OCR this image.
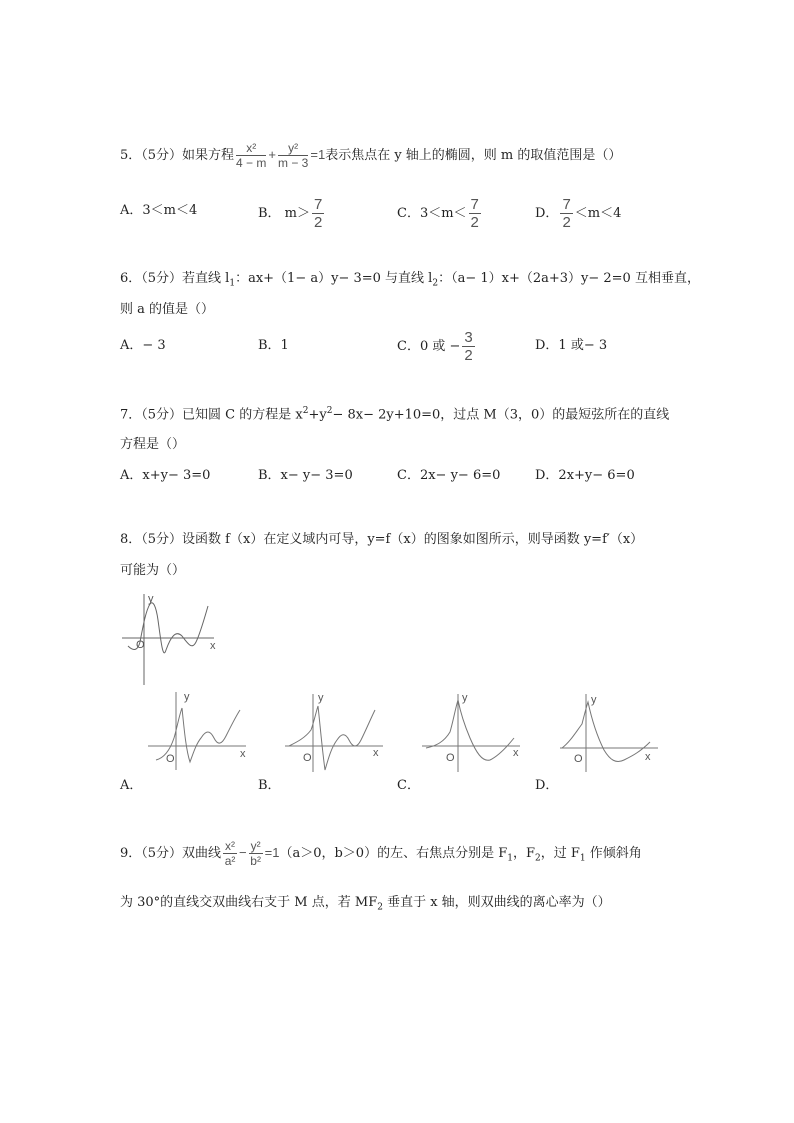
5．（5分）如果方程 $\frac{\text{x²}}{4 - m} + \frac{\text{y²}}{m - 3} =1$表示焦点在 y 轴上的椭圆，则 m 的取值范围是（）
A．3＜m＜4	B． $m> \frac{7}{2}$	C．$3<m< \frac{7}{2}$	D． $\frac{7}{2} <m<4$
6．（5分）若直线 $l_1$：ax+（1− a）y− 3=0 与直线 $l_2$：（a− 1）x+（2a+3）y− 2=0 互相垂直，
则 a 的值是（）
A．− 3	B．1	C．0 或 − $\frac{3}{2}$	D．1 或− 3
7．（5分）已知圆 C 的方程是 $x^2+y^2- 8x- 2y+10=0$，过点 M（3，0）的最短弦所在的直线
方程是（）
A．x+y− 3=0	B．x− y− 3=0	C．2x− y− 6=0	D．2x+y− 6=0
8．（5分）设函数 f（x）在定义域内可导，y=f（x）的图象如图所示，则导函数 y=f′（x）
可能为（）
y
x
O
y
x
O
y
x
O
y
x
O
y
x
O
A．	B．	C．	D．
9．（5分）双曲线 $\frac{\text{x²}}{\text{a²}} - \frac{\text{y²}}{\text{b²}} =1(a>0$，b＞0）的左、右焦点分别是 $F_1$，$F_2$，过 $F_1$ 作倾斜角
为 30°的直线交双曲线右支于 M 点，若 $MF_2$ 垂直于 x 轴，则双曲线的离心率为（）
